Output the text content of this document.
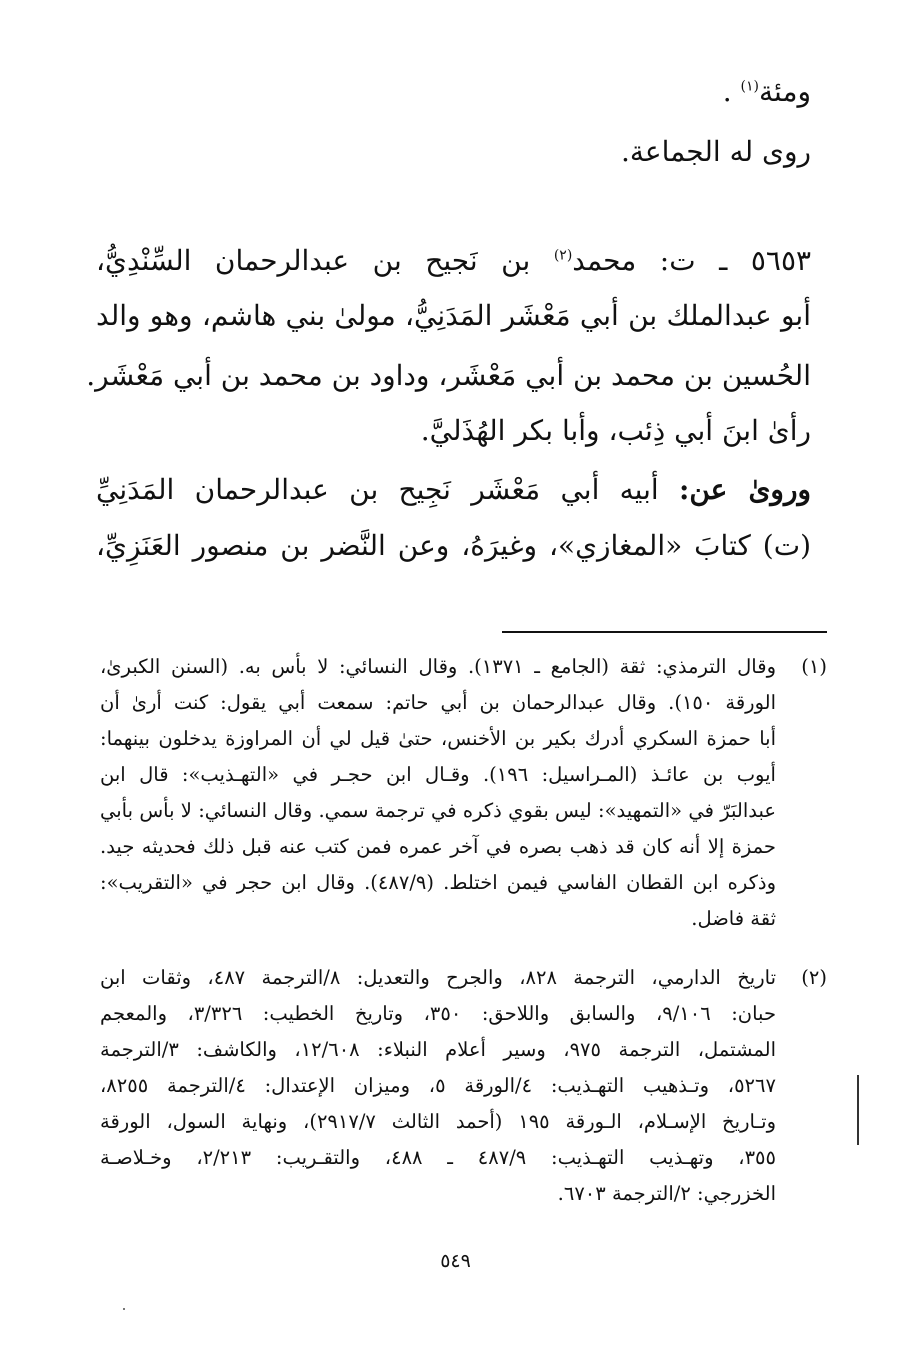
ومئة$^{(١)}$ .
روى له الجماعة.
٥٦٥٣ ـ ت: محمد$^{(٢)}$ بن نَجيح بن عبدالرحمان السِّنْدِيُّ،
أبو عبدالملك بن أبي مَعْشَر المَدَنِيُّ، مولىٰ بني هاشم، وهو والد
الحُسين بن محمد بن أبي مَعْشَر، وداود بن محمد بن أبي مَعْشَر.
رأىٰ ابنَ أبي ذِئب، وأبا بكر الهُذَليَّ.
وروىٰ عن: أبيه أبي مَعْشَر نَجِيح بن عبدالرحمان المَدَنِيِّ
(ت) كتابَ «المغازي»، وغيرَهُ، وعن النَّضر بن منصور العَنَزِيِّ،
(١)
وقال الترمذي: ثقة (الجامع ـ ١٣٧١). وقال النسائي: لا بأس به. (السنن الكبرىٰ،
الورقة ١٥٠). وقال عبدالرحمان بن أبي حاتم: سمعت أبي يقول: كنت أرىٰ أن
أبا حمزة السكري أدرك بكير بن الأخنس، حتىٰ قيل لي أن المراوزة يدخلون بينهما:
أيوب بن عائـذ (المـراسيل: ١٩٦). وقـال ابن حجـر في «التهـذيب»: قال ابن
عبدالبَرّ في «التمهيد»: ليس بقوي ذكره في ترجمة سمي. وقال النسائي: لا بأس بأبي
حمزة إلا أنه كان قد ذهب بصره في آخر عمره فمن كتب عنه قبل ذلك فحديثه جيد.
وذكره ابن القطان الفاسي فيمن اختلط. (٤٨٧/٩). وقال ابن حجر في «التقريب»:
ثقة فاضل.
(٢)
تاريخ الدارمي، الترجمة ٨٢٨، والجرح والتعديل: ٨/الترجمة ٤٨٧، وثقات ابن
حبان: ٩/١٠٦، والسابق واللاحق: ٣٥٠، وتاريخ الخطيب: ٣/٣٢٦، والمعجم
المشتمل، الترجمة ٩٧٥، وسير أعلام النبلاء: ١٢/٦٠٨، والكاشف: ٣/الترجمة
٥٢٦٧، وتـذهيب التهـذيب: ٤/الورقة ٥، وميزان الإعتدال: ٤/الترجمة ٨٢٥٥،
وتـاريخ الإسـلام، الـورقة ١٩٥ (أحمد الثالث ٢٩١٧/٧)، ونهاية السول، الورقة
٣٥٥، وتهـذيب التهـذيب: ٤٨٧/٩ ـ ٤٨٨، والتقـريب: ٢/٢١٣، وخـلاصـة
الخزرجي: ٢/الترجمة ٦٧٠٣.
٥٤٩
